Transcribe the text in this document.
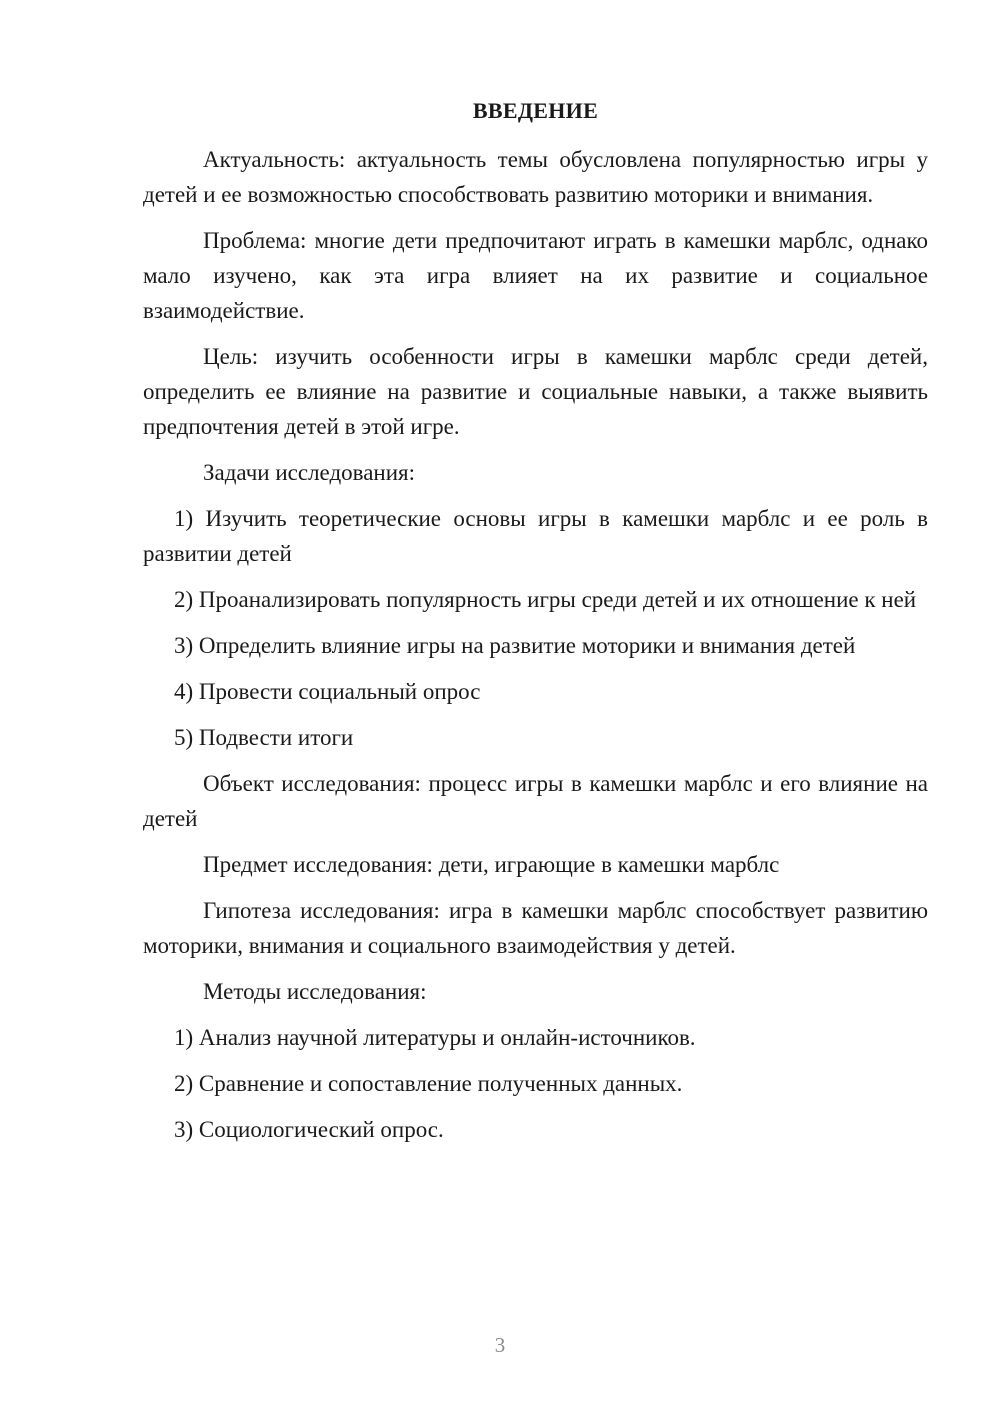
ВВЕДЕНИЕ

Актуальность: актуальность темы обусловлена популярностью игры у детей и ее возможностью способствовать развитию моторики и внимания.

Проблема: многие дети предпочитают играть в камешки марблс, однако мало изучено, как эта игра влияет на их развитие и социальное взаимодействие.

Цель: изучить особенности игры в камешки марблс среди детей, определить ее влияние на развитие и социальные навыки, а также выявить предпочтения детей в этой игре.

Задачи исследования:

1) Изучить теоретические основы игры в камешки марблс и ее роль в развитии детей

2) Проанализировать популярность игры среди детей и их отношение к ней

3) Определить влияние игры на развитие моторики и внимания детей

4) Провести социальный опрос

5) Подвести итоги

Объект исследования: процесс игры в камешки марблс и его влияние на детей

Предмет исследования: дети, играющие в камешки марблс

Гипотеза исследования: игра в камешки марблс способствует развитию моторики, внимания и социального взаимодействия у детей.

Методы исследования:

1) Анализ научной литературы и онлайн-источников.

2) Сравнение и сопоставление полученных данных.

3) Социологический опрос.

3
